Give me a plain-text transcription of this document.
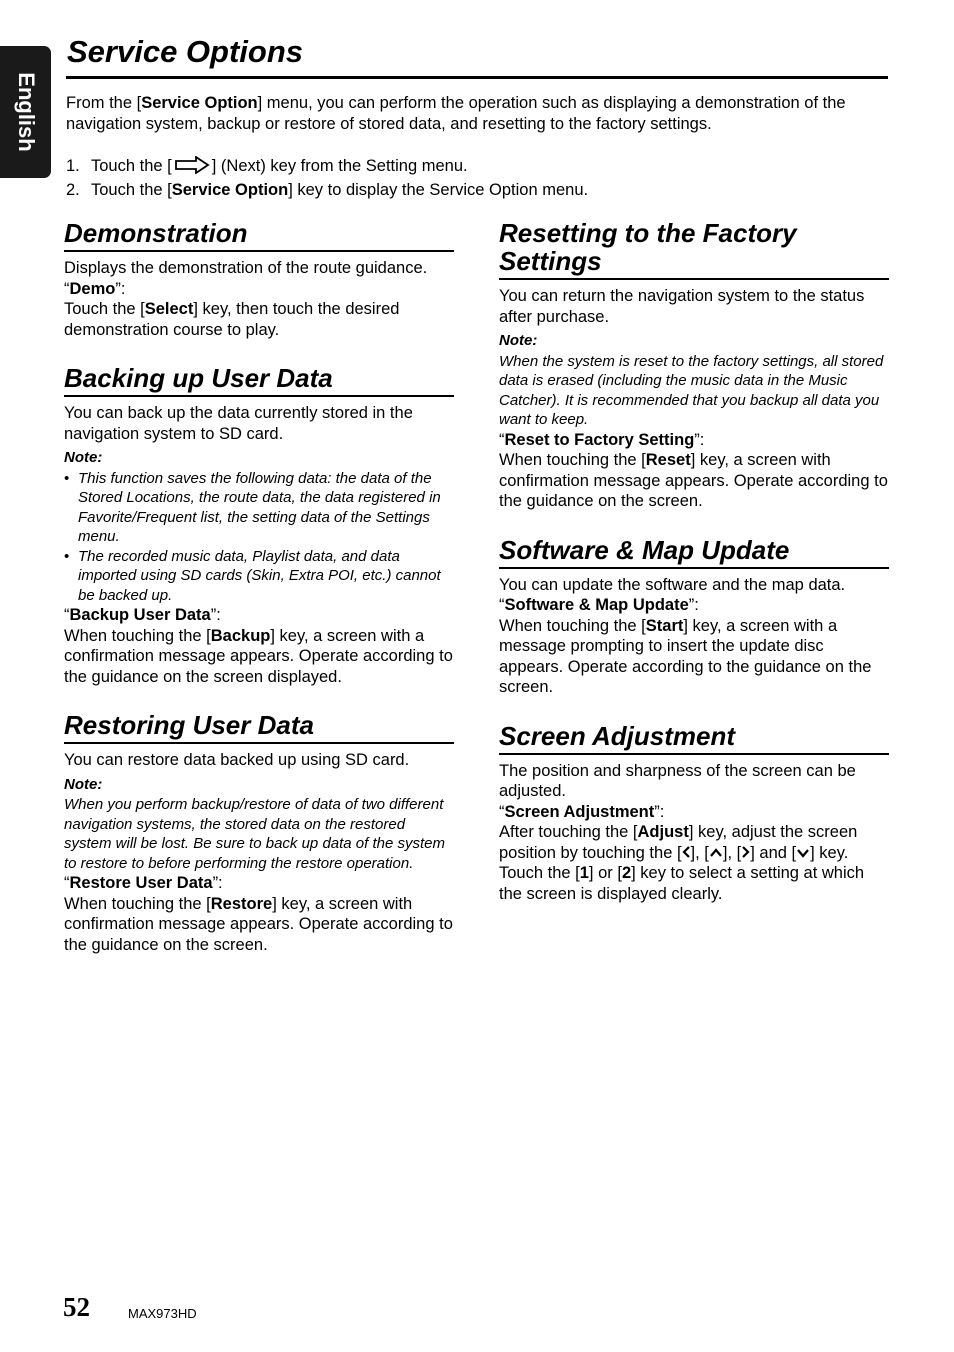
English
Service Options

From the [Service Option] menu, you can perform the operation such as displaying a demonstration of the navigation system, backup or restore of stored data, and resetting to the factory settings.

1. Touch the [ ] (Next) key from the Setting menu.
2. Touch the [Service Option] key to display the Service Option menu.
Demonstration

Displays the demonstration of the route guidance.

“Demo”:

Touch the [Select] key, then touch the desired demonstration course to play.

Backing up User Data

You can back up the data currently stored in the navigation system to SD card.

Note:
• This function saves the following data: the data of the Stored Locations, the route data, the data registered in Favorite/Frequent list, the setting data of the Settings menu.
• The recorded music data, Playlist data, and data imported using SD cards (Skin, Extra POI, etc.) cannot be backed up.

“Backup User Data”:

When touching the [Backup] key, a screen with a confirmation message appears. Operate according to the guidance on the screen displayed.

Restoring User Data

You can restore data backed up using SD card.

Note:

When you perform backup/restore of data of two different navigation systems, the stored data on the restored system will be lost. Be sure to back up data of the system to restore to before performing the restore operation.

“Restore User Data”:

When touching the [Restore] key, a screen with confirmation message appears. Operate according to the guidance on the screen.

Resetting to the Factory Settings

You can return the navigation system to the status after purchase.

Note:

When the system is reset to the factory settings, all stored data is erased (including the music data in the Music Catcher). It is recommended that you backup all data you want to keep.

“Reset to Factory Setting”:

When touching the [Reset] key, a screen with confirmation message appears. Operate according to the guidance on the screen.

Software & Map Update

You can update the software and the map data.

“Software & Map Update”:

When touching the [Start] key, a screen with a message prompting to insert the update disc appears. Operate according to the guidance on the screen.

Screen Adjustment

The position and sharpness of the screen can be adjusted.

“Screen Adjustment”:

After touching the [Adjust] key, adjust the screen position by touching the [ ], [ ], [ ] and [ ] key.

Touch the [1] or [2] key to select a setting at which the screen is displayed clearly.

52	MAX973HD
